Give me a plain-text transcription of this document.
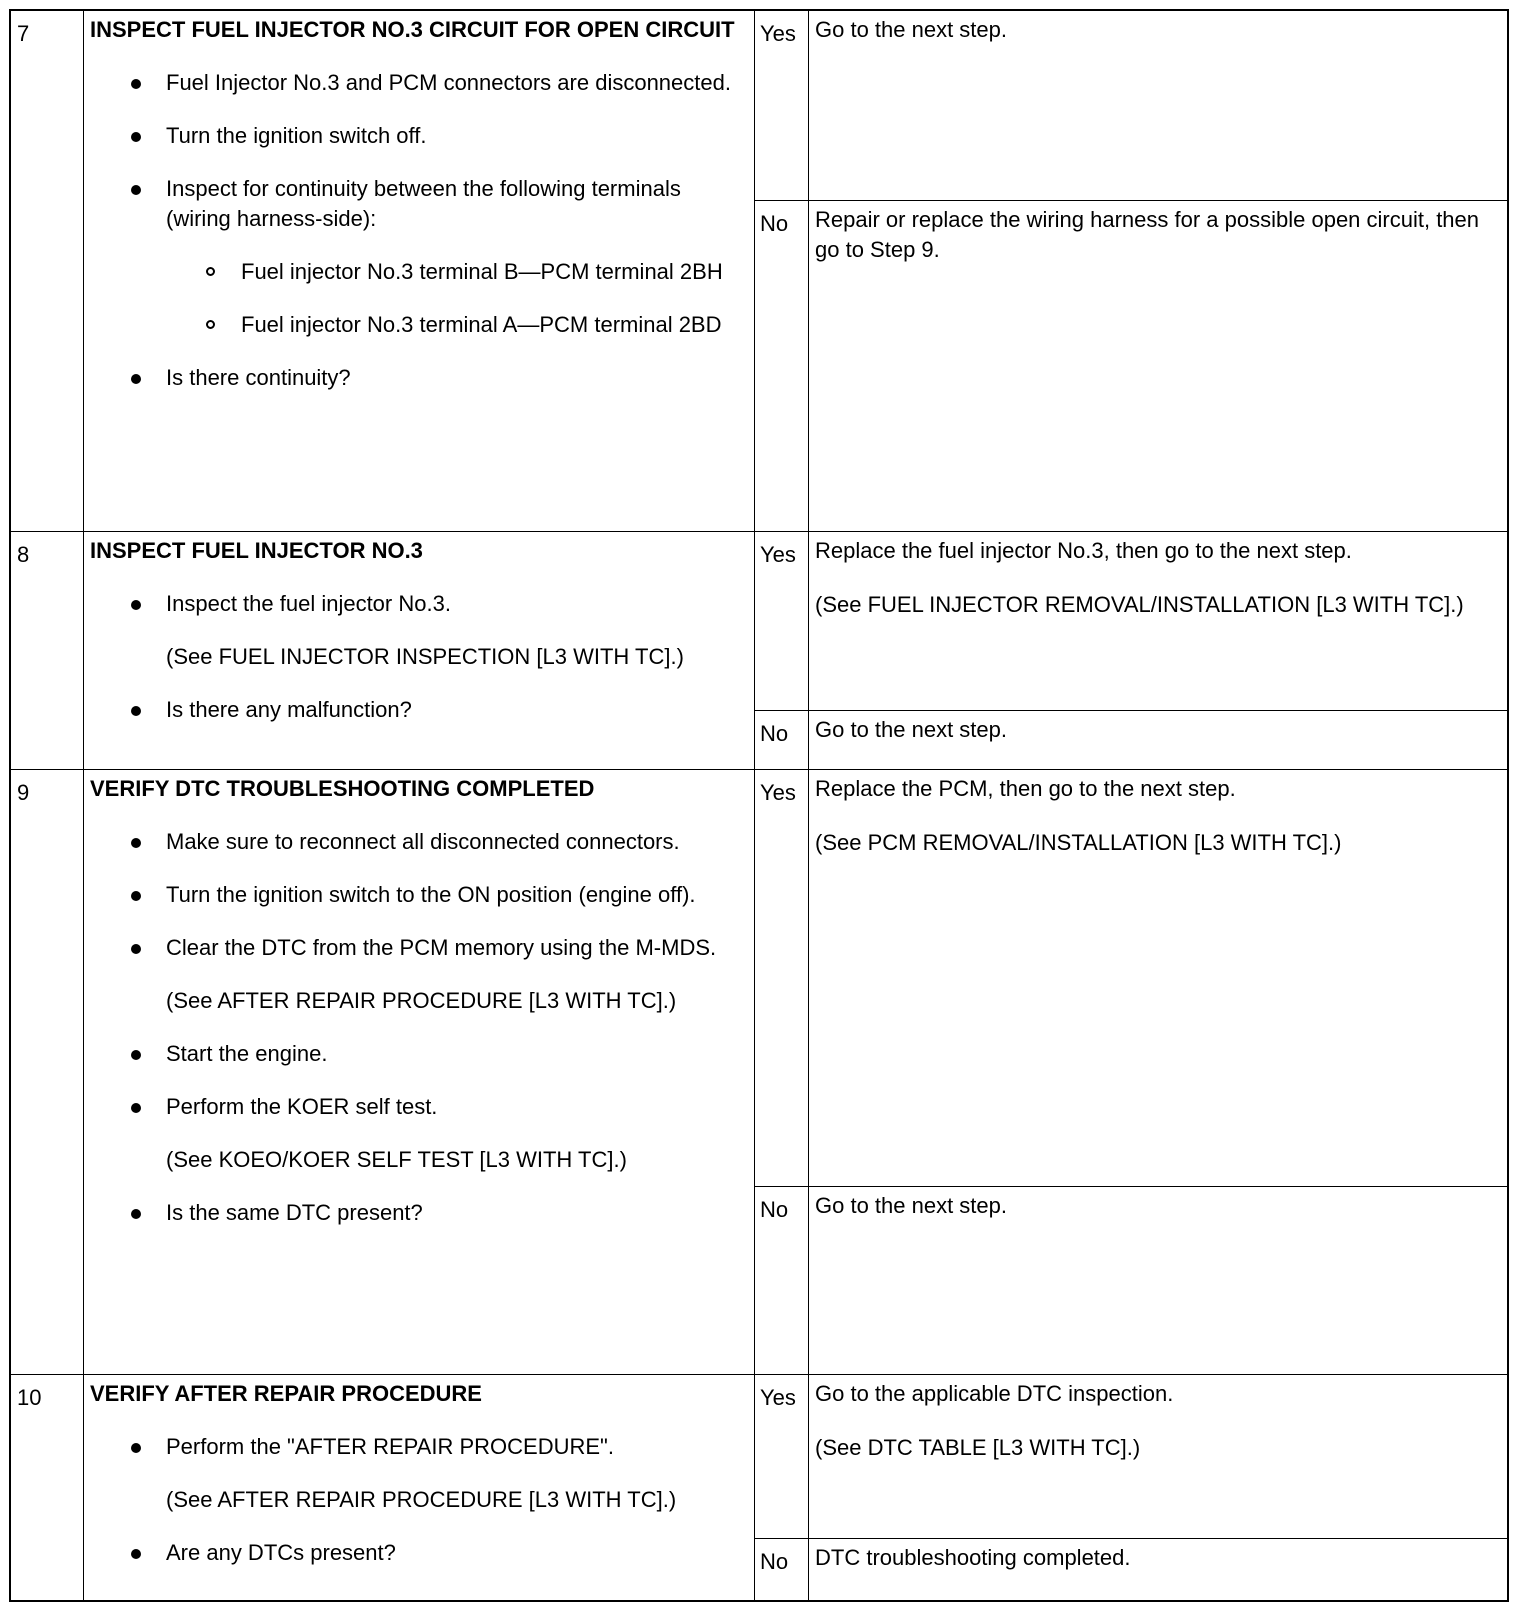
7	INSPECT FUEL INJECTOR NO.3 CIRCUIT FOR OPEN CIRCUIT
Fuel Injector No.3 and PCM connectors are disconnected.
Turn the ignition switch off.
Inspect for continuity between the following terminals (wiring harness-side):
Fuel injector No.3 terminal B—PCM terminal 2BH
Fuel injector No.3 terminal A—PCM terminal 2BD
Is there continuity?
Yes Go to the next step.

No	Repair or replace the wiring harness for a possible open circuit, then go to Step 9.

8	INSPECT FUEL INJECTOR NO.3
Inspect the fuel injector No.3.
(See FUEL INJECTOR INSPECTION [L3 WITH TC].)
Is there any malfunction?
Yes Replace the fuel injector No.3, then go to the next step.

(See FUEL INJECTOR REMOVAL/INSTALLATION [L3 WITH TC].)

No	Go to the next step.

9	VERIFY DTC TROUBLESHOOTING COMPLETED
Make sure to reconnect all disconnected connectors.
Turn the ignition switch to the ON position (engine off).
Clear the DTC from the PCM memory using the M-MDS.
(See AFTER REPAIR PROCEDURE [L3 WITH TC].)
Start the engine.
Perform the KOER self test.
(See KOEO/KOER SELF TEST [L3 WITH TC].)
Is the same DTC present?
Yes Replace the PCM, then go to the next step.

(See PCM REMOVAL/INSTALLATION [L3 WITH TC].)

No	Go to the next step.

10	VERIFY AFTER REPAIR PROCEDURE
Perform the "AFTER REPAIR PROCEDURE".
(See AFTER REPAIR PROCEDURE [L3 WITH TC].)
Are any DTCs present?
Yes Go to the applicable DTC inspection.

(See DTC TABLE [L3 WITH TC].)

No	DTC troubleshooting completed.
